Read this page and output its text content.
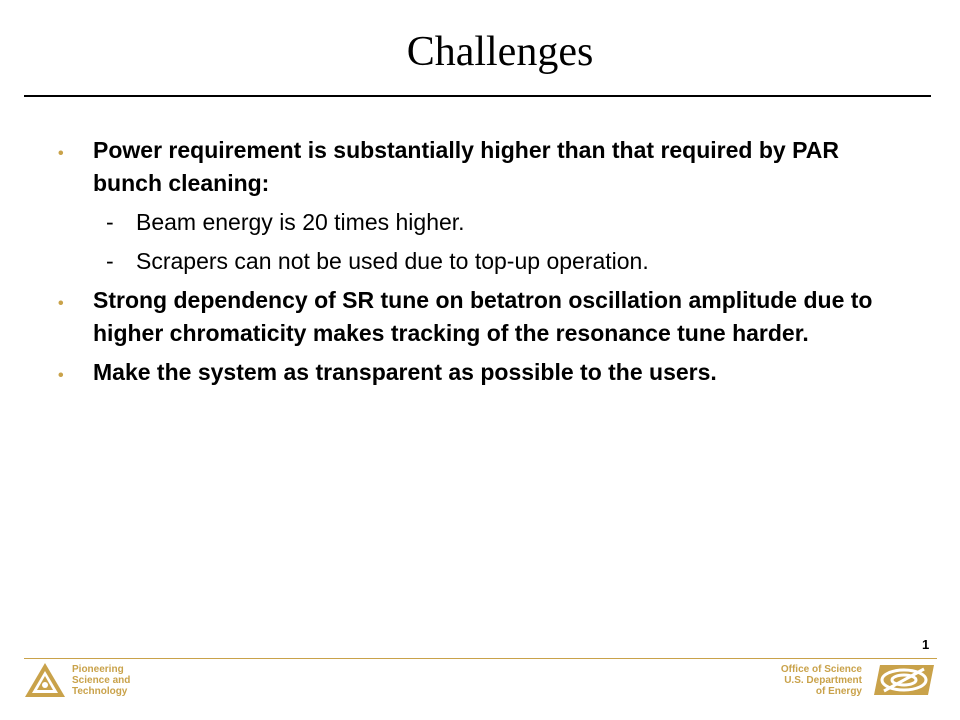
Challenges
• Power requirement is substantially higher than that required by PAR bunch cleaning:
- Beam energy is 20 times higher.
- Scrapers can not be used due to top-up operation.
• Strong dependency of SR tune on betatron oscillation amplitude due to higher chromaticity makes tracking of the resonance tune harder.
• Make the system as transparent as possible to the users.
1
Pioneering
Science and
Technology
Office of Science
U.S. Department
of Energy
